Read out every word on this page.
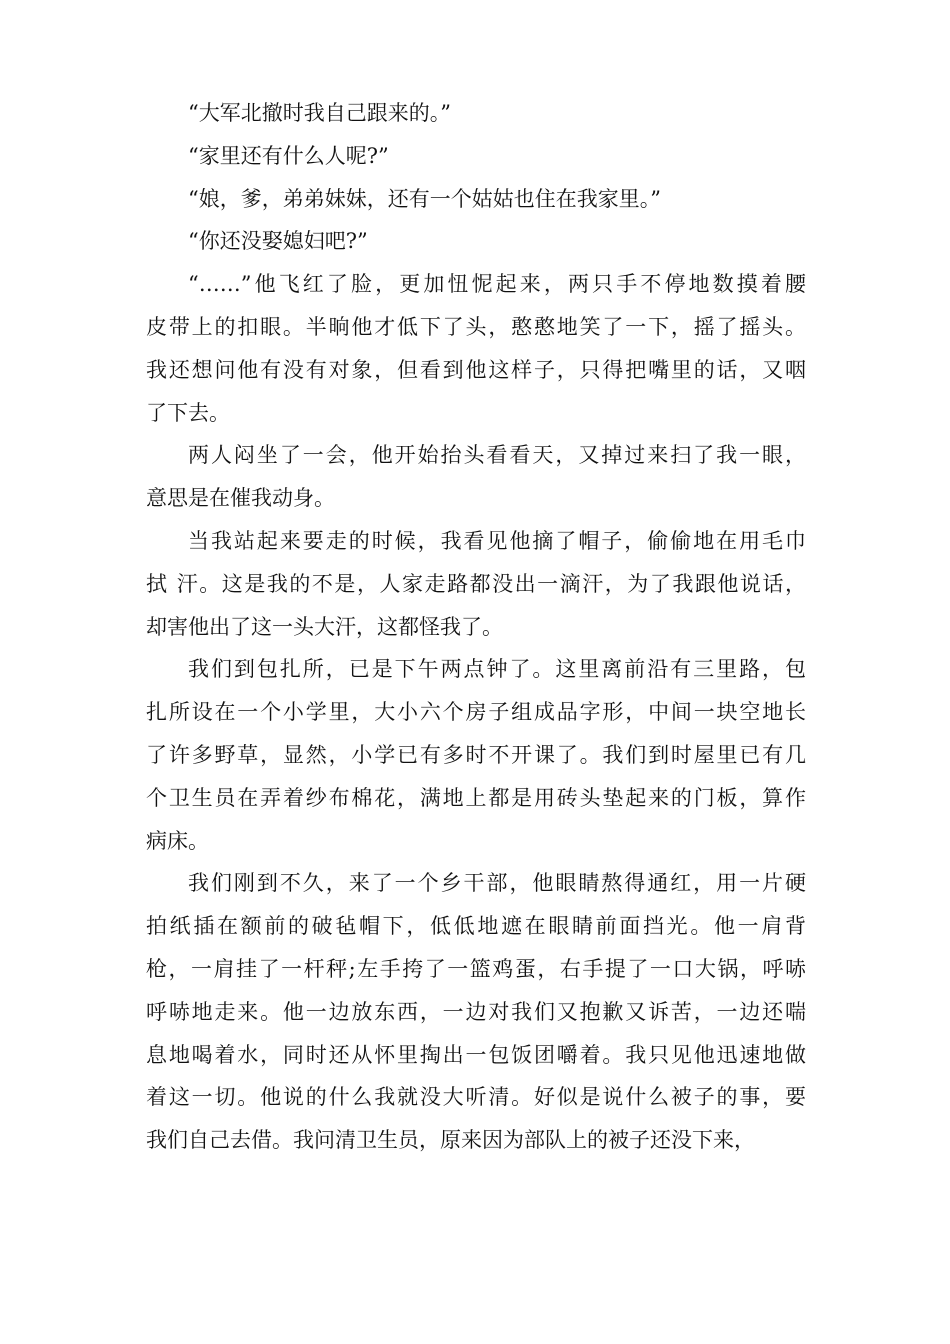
“大军北撤时我自己跟来的。”
“家里还有什么人呢?”
“娘，爹，弟弟妹妹，还有一个姑姑也住在我家里。”
“你还没娶媳妇吧?”
“……”他飞红了脸，更加忸怩起来，两只手不停地数摸着腰
皮带上的扣眼。半晌他才低下了头，憨憨地笑了一下，摇了摇头。
我还想问他有没有对象，但看到他这样子，只得把嘴里的话，又咽
了下去。
两人闷坐了一会，他开始抬头看看天，又掉过来扫了我一眼，
意思是在催我动身。
当我站起来要走的时候，我看见他摘了帽子，偷偷地在用毛巾
拭 汗。这是我的不是，人家走路都没出一滴汗，为了我跟他说话，
却害他出了这一头大汗，这都怪我了。
我们到包扎所，已是下午两点钟了。这里离前沿有三里路，包
扎所设在一个小学里，大小六个房子组成品字形，中间一块空地长
了许多野草，显然，小学已有多时不开课了。我们到时屋里已有几
个卫生员在弄着纱布棉花，满地上都是用砖头垫起来的门板，算作
病床。
我们刚到不久，来了一个乡干部，他眼睛熬得通红，用一片硬
拍纸插在额前的破毡帽下，低低地遮在眼睛前面挡光。他一肩背
枪，一肩挂了一杆秤;左手挎了一篮鸡蛋，右手提了一口大锅，呼哧
呼哧地走来。他一边放东西，一边对我们又抱歉又诉苦，一边还喘
息地喝着水，同时还从怀里掏出一包饭团嚼着。我只见他迅速地做
着这一切。他说的什么我就没大听清。好似是说什么被子的事，要
我们自己去借。我问清卫生员，原来因为部队上的被子还没下来，
